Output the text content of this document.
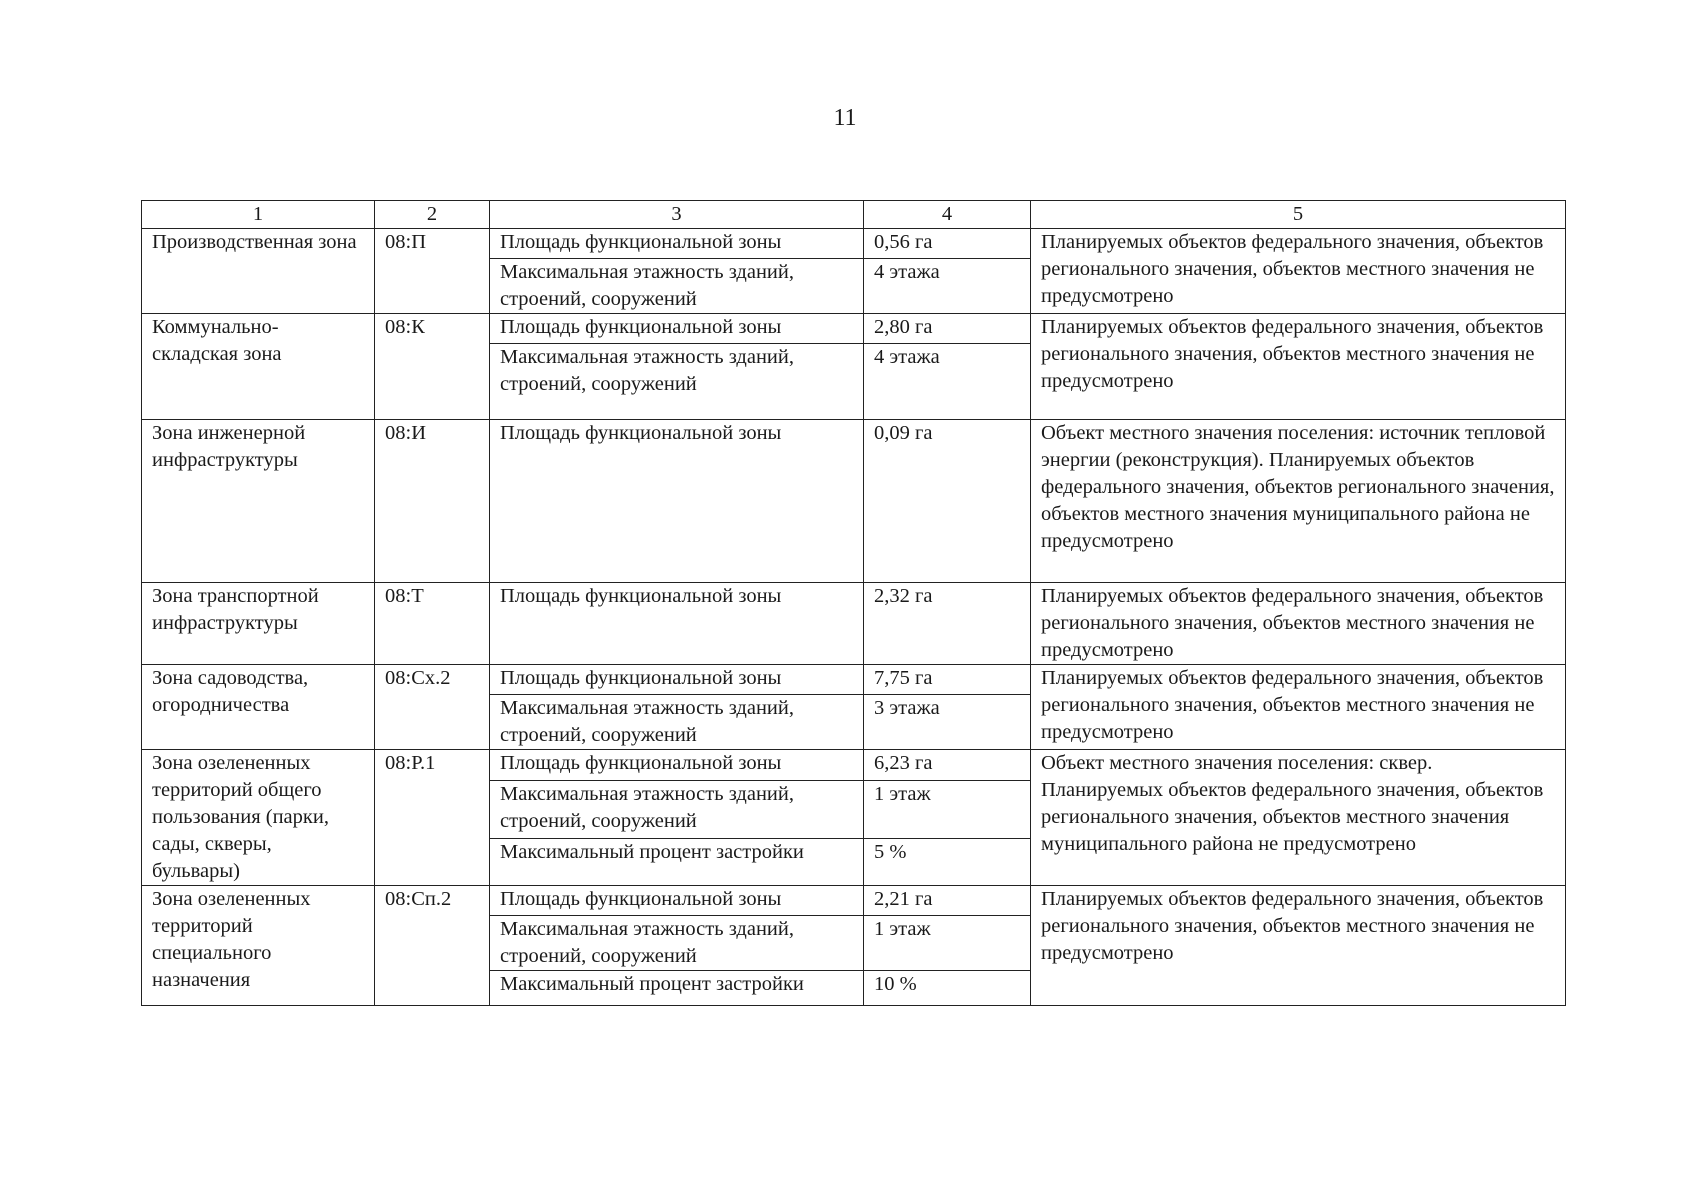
11
1	2	3	4	5
Производственная зона	08:П	Площадь функциональной зоны	0,56 га	Планируемых объектов федерального значения, объектов регионального значения, объектов местного значения не предусмотрено
		Максимальная этажность зданий, строений, сооружений	4 этажа	
Коммунально-складская зона	08:К	Площадь функциональной зоны	2,80 га	Планируемых объектов федерального значения, объектов регионального значения, объектов местного значения не предусмотрено
		Максимальная этажность зданий, строений, сооружений	4 этажа	
Зона инженерной инфраструктуры	08:И	Площадь функциональной зоны	0,09 га	Объект местного значения поселения: источник тепловой энергии (реконструкция). Планируемых объектов федерального значения, объектов регионального значения, объектов местного значения муниципального района не предусмотрено
Зона транспортной инфраструктуры	08:Т	Площадь функциональной зоны	2,32 га	Планируемых объектов федерального значения, объектов регионального значения, объектов местного значения не предусмотрено
Зона садоводства, огородничества	08:Сх.2	Площадь функциональной зоны	7,75 га	Планируемых объектов федерального значения, объектов регионального значения, объектов местного значения не предусмотрено
		Максимальная этажность зданий, строений, сооружений	3 этажа	
Зона озелененных территорий общего пользования (парки, сады, скверы, бульвары)	08:Р.1	Площадь функциональной зоны	6,23 га	Объект местного значения поселения: сквер. Планируемых объектов федерального значения, объектов регионального значения, объектов местного значения муниципального района не предусмотрено
		Максимальная этажность зданий, строений, сооружений	1 этаж	
		Максимальный процент застройки	5 %	
Зона озелененных территорий специального назначения	08:Сп.2	Площадь функциональной зоны	2,21 га	Планируемых объектов федерального значения, объектов регионального значения, объектов местного значения не предусмотрено
		Максимальная этажность зданий, строений, сооружений	1 этаж	
		Максимальный процент застройки	10 %	
